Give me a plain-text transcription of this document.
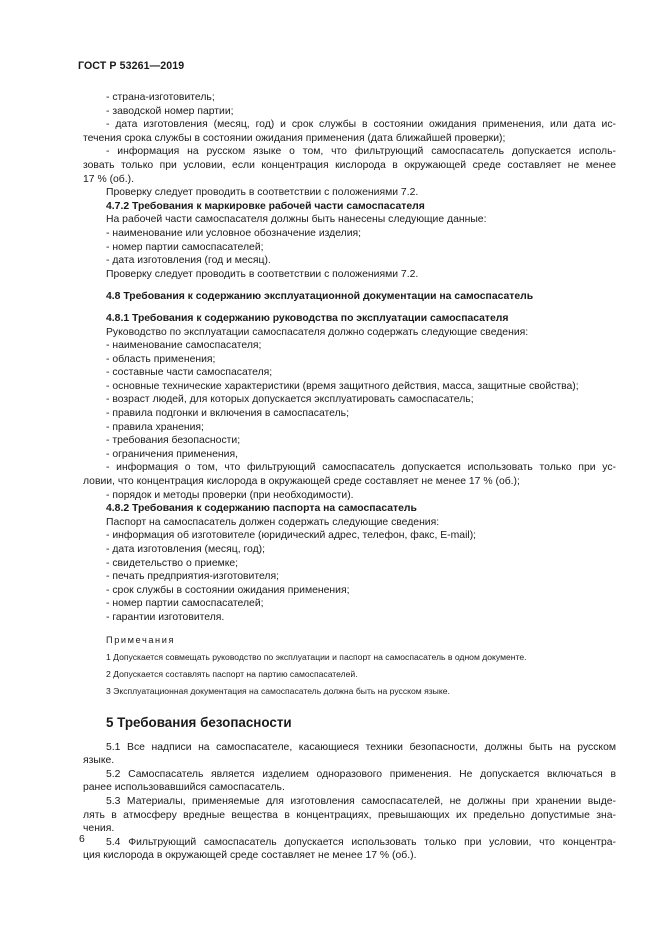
ГОСТ Р 53261—2019
- страна-изготовитель;
- заводской номер партии;
- дата изготовления (месяц, год) и срок службы в состоянии ожидания применения, или дата ис-
течения срока службы в состоянии ожидания применения (дата ближайшей проверки);
- информация на русском языке о том, что фильтрующий самоспасатель допускается исполь-
зовать только при условии, если концентрация кислорода в окружающей среде составляет не менее
17 % (об.).
Проверку следует проводить в соответствии с положениями 7.2.
4.7.2 Требования к маркировке рабочей части самоспасателя
На рабочей части самоспасателя должны быть нанесены следующие данные:
- наименование или условное обозначение изделия;
- номер партии самоспасателей;
- дата изготовления (год и месяц).
Проверку следует проводить в соответствии с положениями 7.2.
4.8 Требования к содержанию эксплуатационной документации на самоспасатель
4.8.1 Требования к содержанию руководства по эксплуатации самоспасателя
Руководство по эксплуатации самоспасателя должно содержать следующие сведения:
- наименование самоспасателя;
- область применения;
- составные части самоспасателя;
- основные технические характеристики (время защитного действия, масса, защитные свойства);
- возраст людей, для которых допускается эксплуатировать самоспасатель;
- правила подгонки и включения в самоспасатель;
- правила хранения;
- требования безопасности;
- ограничения применения,
- информация о том, что фильтрующий самоспасатель допускается использовать только при ус-
ловии, что концентрация кислорода в окружающей среде составляет не менее 17 % (об.);
- порядок и методы проверки (при необходимости).
4.8.2 Требования к содержанию паспорта на самоспасатель
Паспорт на самоспасатель должен содержать следующие сведения:
- информация об изготовителе (юридический адрес, телефон, факс, E-mail);
- дата изготовления (месяц, год);
- свидетельство о приемке;
- печать предприятия-изготовителя;
- срок службы в состоянии ожидания применения;
- номер партии самоспасателей;
- гарантии изготовителя.
Примечания
1 Допускается совмещать руководство по эксплуатации и паспорт на самоспасатель в одном документе.
2 Допускается составлять паспорт на партию самоспасателей.
3 Эксплуатационная документация на самоспасатель должна быть на русском языке.
5 Требования безопасности
5.1 Все надписи на самоспасателе, касающиеся техники безопасности, должны быть на русском
языке.
5.2 Самоспасатель является изделием одноразового применения. Не допускается включаться в
ранее использовавшийся самоспасатель.
5.3 Материалы, применяемые для изготовления самоспасателей, не должны при хранении выде-
лять в атмосферу вредные вещества в концентрациях, превышающих их предельно допустимые зна-
чения.
5.4 Фильтрующий самоспасатель допускается использовать только при условии, что концентра-
ция кислорода в окружающей среде составляет не менее 17 % (об.).
6
